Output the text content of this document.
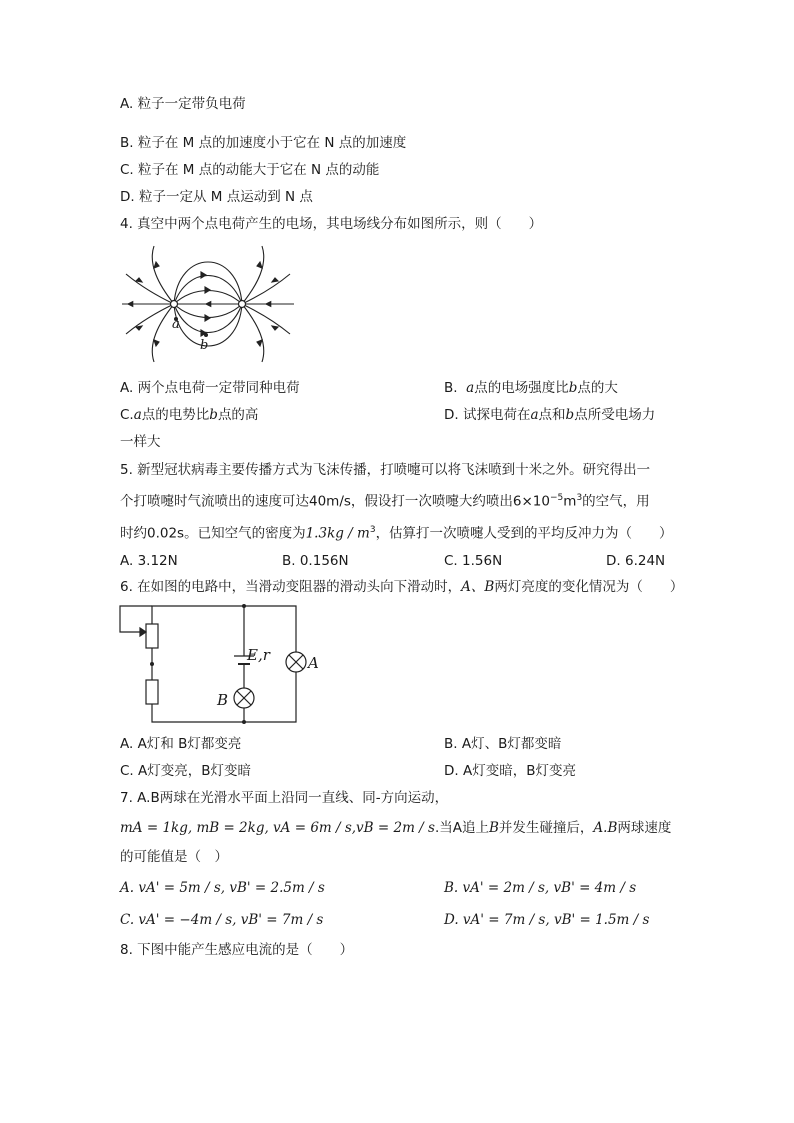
A. 粒子一定带负电荷
B. 粒子在 M 点的加速度小于它在 N 点的加速度
C. 粒子在 M 点的动能大于它在 N 点的动能
D. 粒子一定从 M 点运动到 N 点
4. 真空中两个点电荷产生的电场，其电场线分布如图所示，则（　　）
a
b
A. 两个点电荷一定带同种电荷	B. a点的电场强度比b点的大
C.a点的电势比b点的高	D. 试探电荷在a点和b点所受电场力
一样大
5. 新型冠状病毒主要传播方式为飞沫传播，打喷嚏可以将飞沫喷到十米之外。研究得出一
个打喷嚏时气流喷出的速度可达40m/s，假设打一次喷嚏大约喷出$6\times 10^{-5}m^3$的空气，用
时约0.02s。已知空气的密度为$1.3kg / m^3$，估算打一次喷嚏人受到的平均反冲力为（　　）
A. 3.12N	B. 0.156N	C. 1.56N	D. 6.24N
6. 在如图的电路中，当滑动变阻器的滑动头向下滑动时，A、B两灯亮度的变化情况为（　　）
E,r	A
B
A. A灯和 B灯都变亮	B. A灯、B灯都变暗
C. A灯变亮，B灯变暗	D. A灯变暗，B灯变亮
7. A.B两球在光滑水平面上沿同一直线、同-方向运动，
mA = 1kg, mB = 2kg, vA = 6m / s,vB = 2m / s.当A追上B并发生碰撞后，A.B两球速度
的可能值是（　）
A. vA' = 5m / s, vB' = 2.5m / s	B. vA' = 2m / s, vB' = 4m / s
C. vA' = −4m / s, vB' = 7m / s	D. vA' = 7m / s, vB' = 1.5m / s
8. 下图中能产生感应电流的是（　　）
